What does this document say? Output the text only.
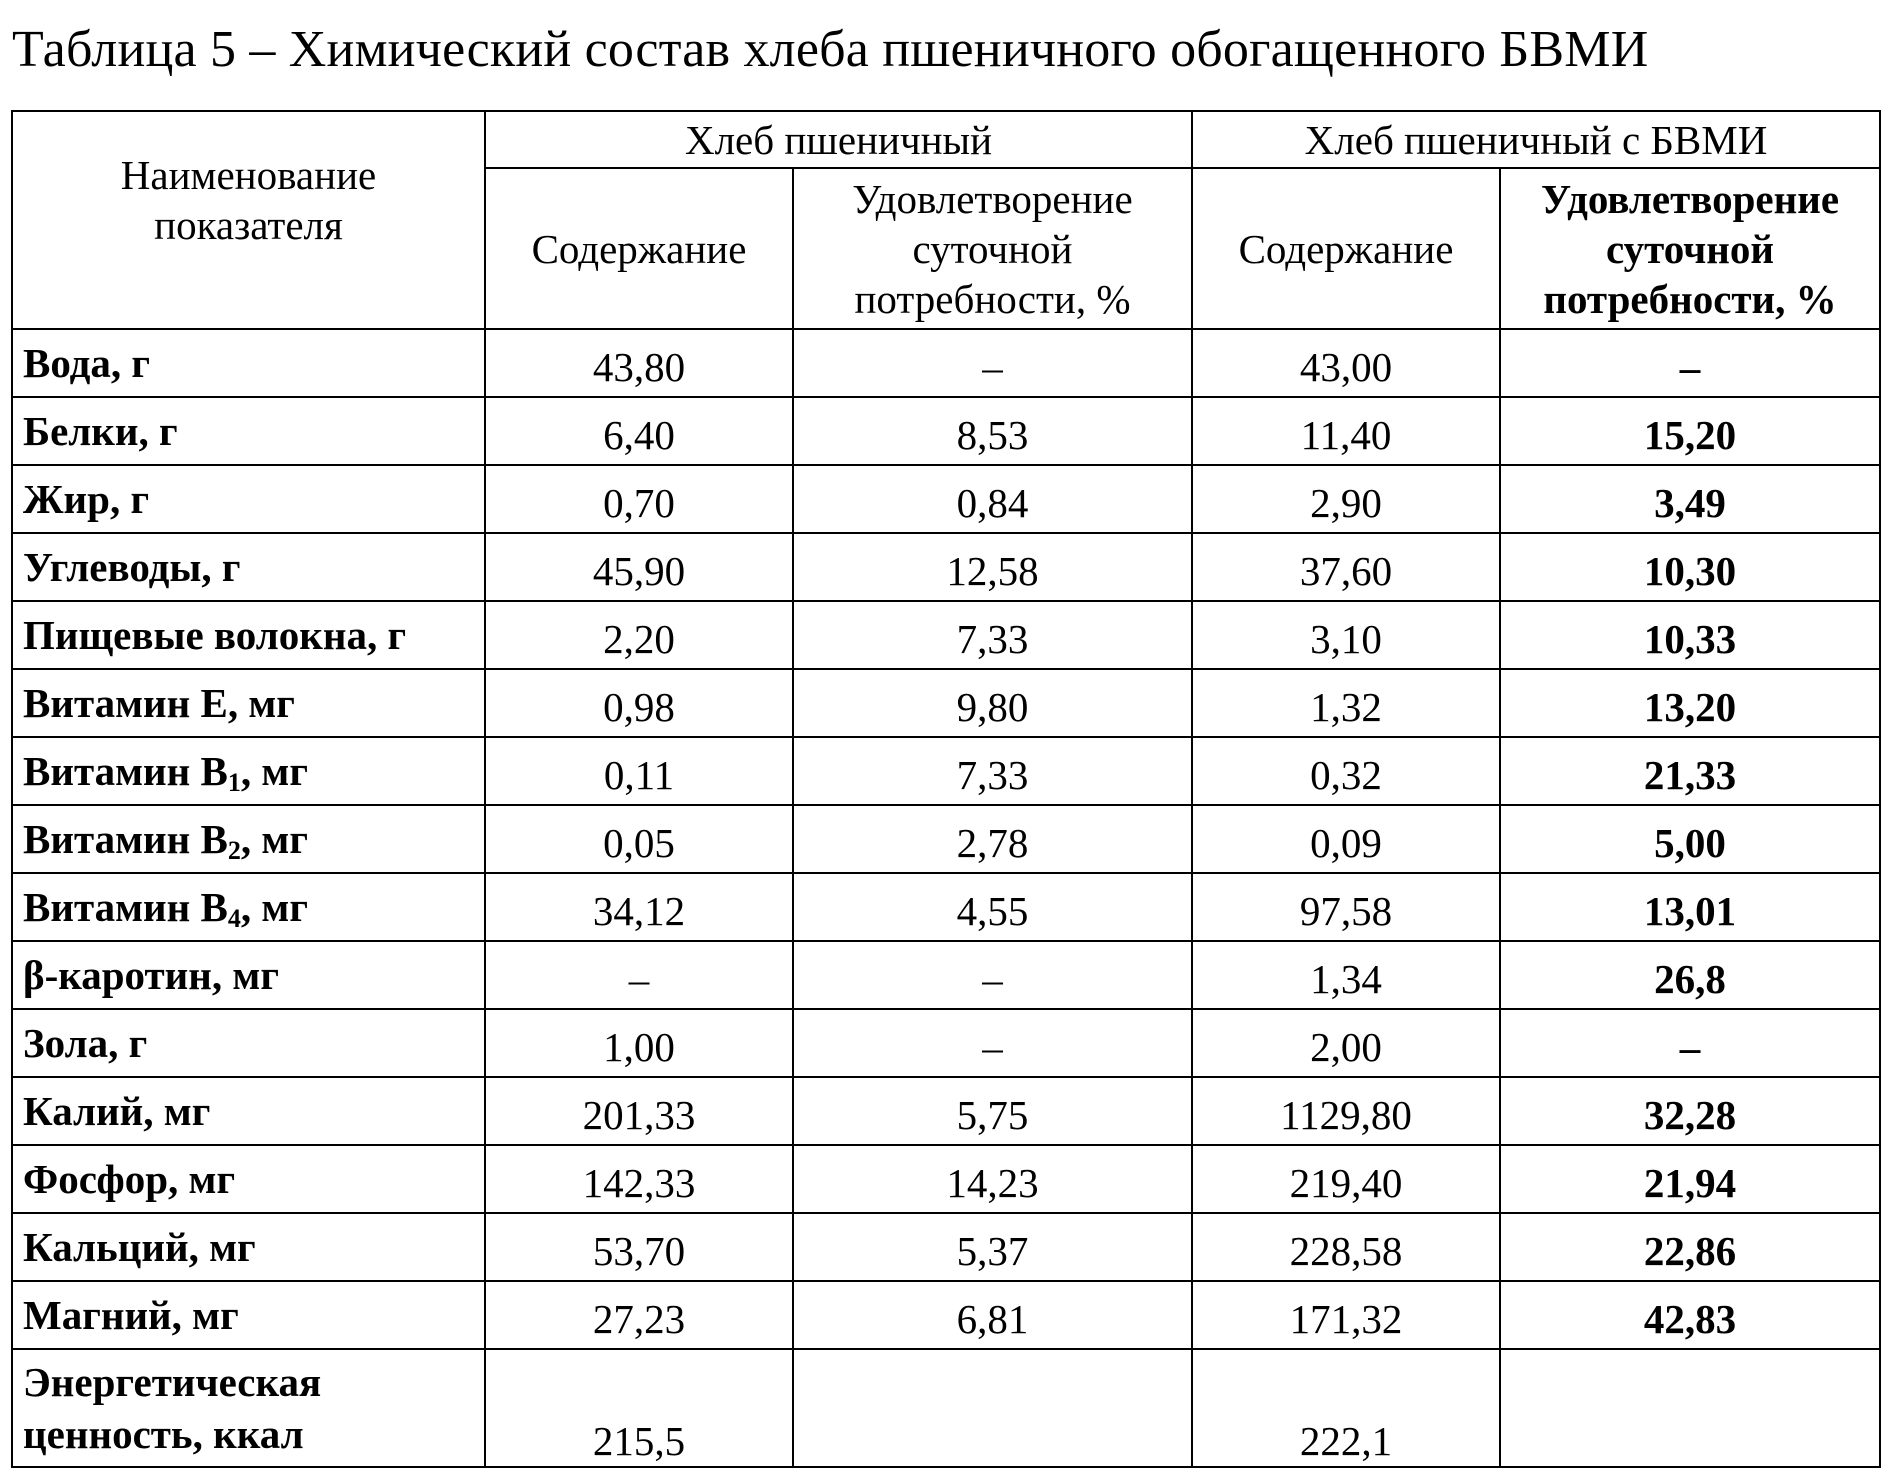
Таблица 5 – Химический состав хлеба пшеничного обогащенного БВМИ
Наименование показателя	Хлеб пшеничный		Хлеб пшеничный с БВМИ	
	Содержание	Удовлетворение суточной потребности, %	Содержание	Удовлетворение суточной потребности, %
Вода, г	43,80	–	43,00	–
Белки, г	6,40	8,53	11,40	15,20
Жир, г	0,70	0,84	2,90	3,49
Углеводы, г	45,90	12,58	37,60	10,30
Пищевые волокна, г	2,20	7,33	3,10	10,33
Витамин Е, мг	0,98	9,80	1,32	13,20
Витамин $В_1$, мг	0,11	7,33	0,32	21,33
Витамин $В_2$, мг	0,05	2,78	0,09	5,00
Витамин $В_4$, мг	34,12	4,55	97,58	13,01
β-каротин, мг	–	–	1,34	26,8
Зола, г	1,00	–	2,00	–
Калий, мг	201,33	5,75	1129,80	32,28
Фосфор, мг	142,33	14,23	219,40	21,94
Кальций, мг	53,70	5,37	228,58	22,86
Магний, мг	27,23	6,81	171,32	42,83
Энергетическая ценность, ккал	215,5		222,1	
